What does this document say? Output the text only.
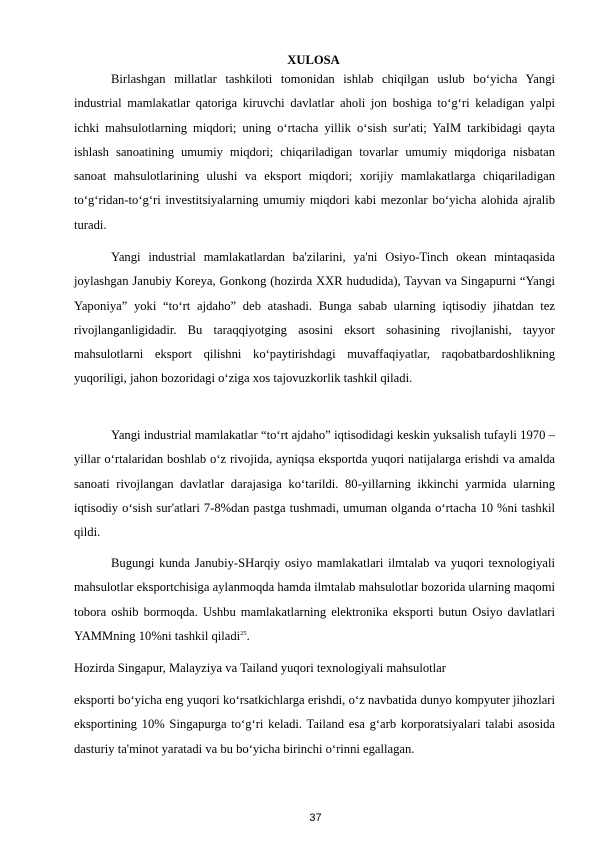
XULOSA

Birlashgan millatlar tashkiloti tomonidan ishlab chiqilgan uslub bo‘yicha Yangi industrial mamlakatlar qatoriga kiruvchi davlatlar aholi jon boshiga to‘g‘ri keladigan yalpi ichki mahsulotlarning miqdori; uning o‘rtacha yillik o‘sish sur'ati; YaIM tarkibidagi qayta ishlash sanoatining umumiy miqdori; chiqariladigan tovarlar umumiy miqdoriga nisbatan sanoat mahsulotlarining ulushi va eksport miqdori; xorijiy mamlakatlarga chiqariladigan to‘g‘ridan-to‘g‘ri investitsiyalarning umumiy miqdori kabi mezonlar bo‘yicha alohida ajralib turadi.

Yangi industrial mamlakatlardan ba'zilarini, ya'ni Osiyo-Tinch okean mintaqasida joylashgan Janubiy Koreya, Gonkong (hozirda XXR hududida), Tayvan va Singapurni “Yangi Yaponiya” yoki “to‘rt ajdaho” deb atashadi. Bunga sabab ularning iqtisodiy jihatdan tez rivojlanganligidadir. Bu taraqqiyotging asosini eksort sohasining rivojlanishi, tayyor mahsulotlarni eksport qilishni ko‘paytirishdagi muvaffaqiyatlar, raqobatbardoshlikning yuqoriligi, jahon bozoridagi o‘ziga xos tajovuzkorlik tashkil qiladi.

Yangi industrial mamlakatlar “to‘rt ajdaho” iqtisodidagi keskin yuksalish tufayli 1970 – yillar o‘rtalaridan boshlab o‘z rivojida, ayniqsa eksportda yuqori natijalarga erishdi va amalda sanoati rivojlangan davlatlar darajasiga ko‘tarildi. 80-yillarning ikkinchi yarmida ularning iqtisodiy o‘sish sur'atlari 7-8%dan pastga tushmadi, umuman olganda o‘rtacha 10 %ni tashkil qildi.

Bugungi kunda Janubiy-SHarqiy osiyo mamlakatlari ilmtalab va yuqori texnologiyali mahsulotlar eksportchisiga aylanmoqda hamda ilmtalab mahsulotlar bozorida ularning maqomi tobora oshib bormoqda. Ushbu mamlakatlarning elektronika eksporti butun Osiyo davlatlari YAMMning 10%ni tashkil qiladi$^{25}$.

Hozirda Singapur, Malayziya va Tailand yuqori texnologiyali mahsulotlar

eksporti bo‘yicha eng yuqori ko‘rsatkichlarga erishdi, o‘z navbatida dunyo kompyuter jihozlari eksportining 10% Singapurga to‘g‘ri keladi. Tailand esa g‘arb korporatsiyalari talabi asosida dasturiy ta'minot yaratadi va bu bo‘yicha birinchi o‘rinni egallagan.

37
